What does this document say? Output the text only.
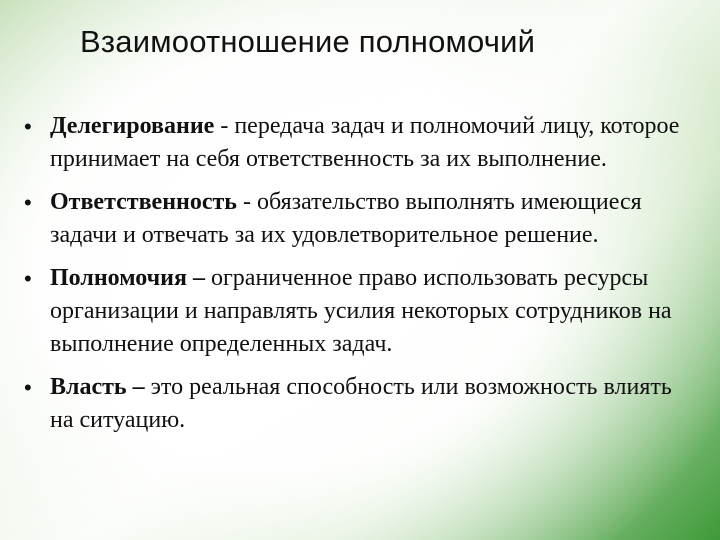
Взаимоотношение полномочий
• Делегирование - передача задач и полномочий лицу, которое принимает на себя ответственность за их выполнение.
• Ответственность - обязательство выполнять имеющиеся задачи и отвечать за их удовлетворительное решение.
• Полномочия – ограниченное право использовать ресурсы организации и направлять усилия некоторых сотрудников на выполнение определенных задач.
• Власть – это реальная способность или возможность влиять на ситуацию.
